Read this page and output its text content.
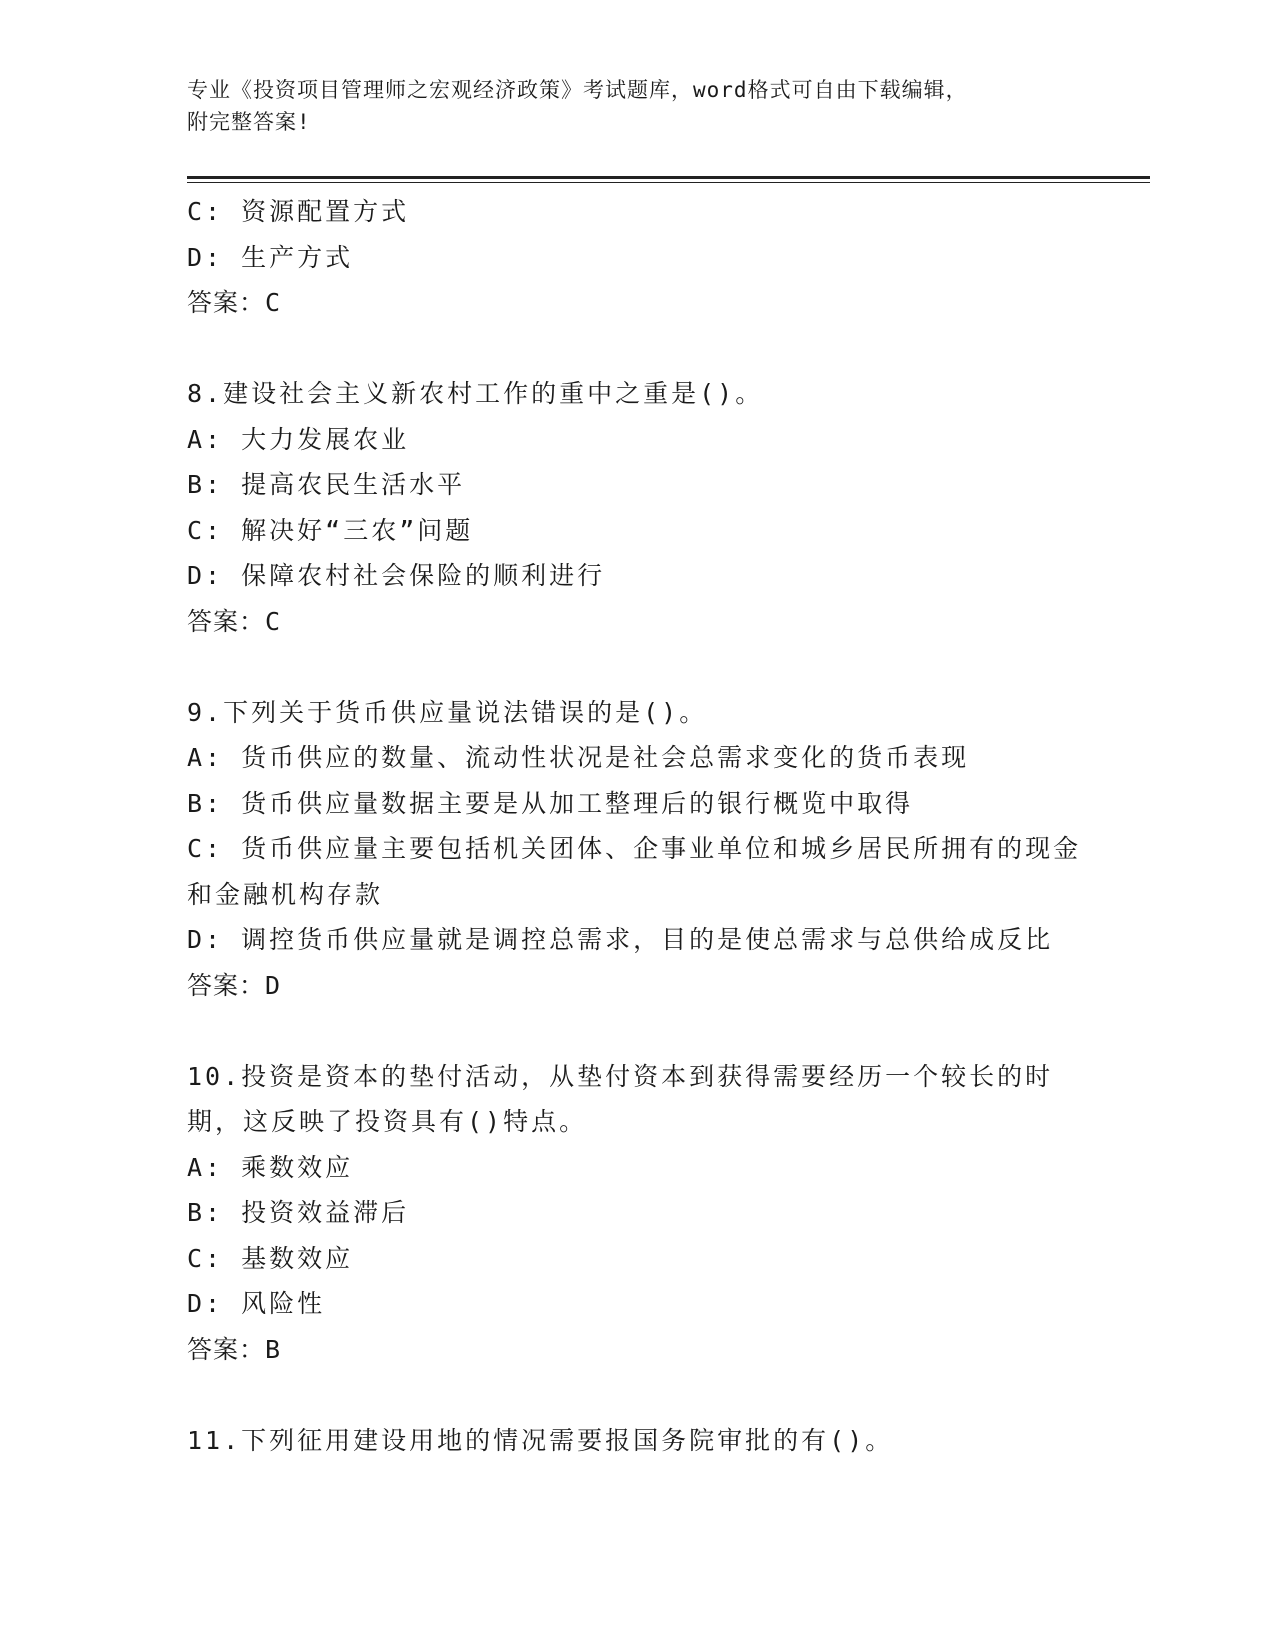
专业《投资项目管理师之宏观经济政策》考试题库，word格式可自由下载编辑，
附完整答案!
C: 资源配置方式
D: 生产方式
答案：C
8.建设社会主义新农村工作的重中之重是()。
A: 大力发展农业
B: 提高农民生活水平
C: 解决好“三农”问题
D: 保障农村社会保险的顺利进行
答案：C
9.下列关于货币供应量说法错误的是()。
A: 货币供应的数量、流动性状况是社会总需求变化的货币表现
B: 货币供应量数据主要是从加工整理后的银行概览中取得
C: 货币供应量主要包括机关团体、企事业单位和城乡居民所拥有的现金和金融机构存款
D: 调控货币供应量就是调控总需求，目的是使总需求与总供给成反比
答案：D
10.投资是资本的垫付活动，从垫付资本到获得需要经历一个较长的时期，这反映了投资具有()特点。
A: 乘数效应
B: 投资效益滞后
C: 基数效应
D: 风险性
答案：B
11.下列征用建设用地的情况需要报国务院审批的有()。
